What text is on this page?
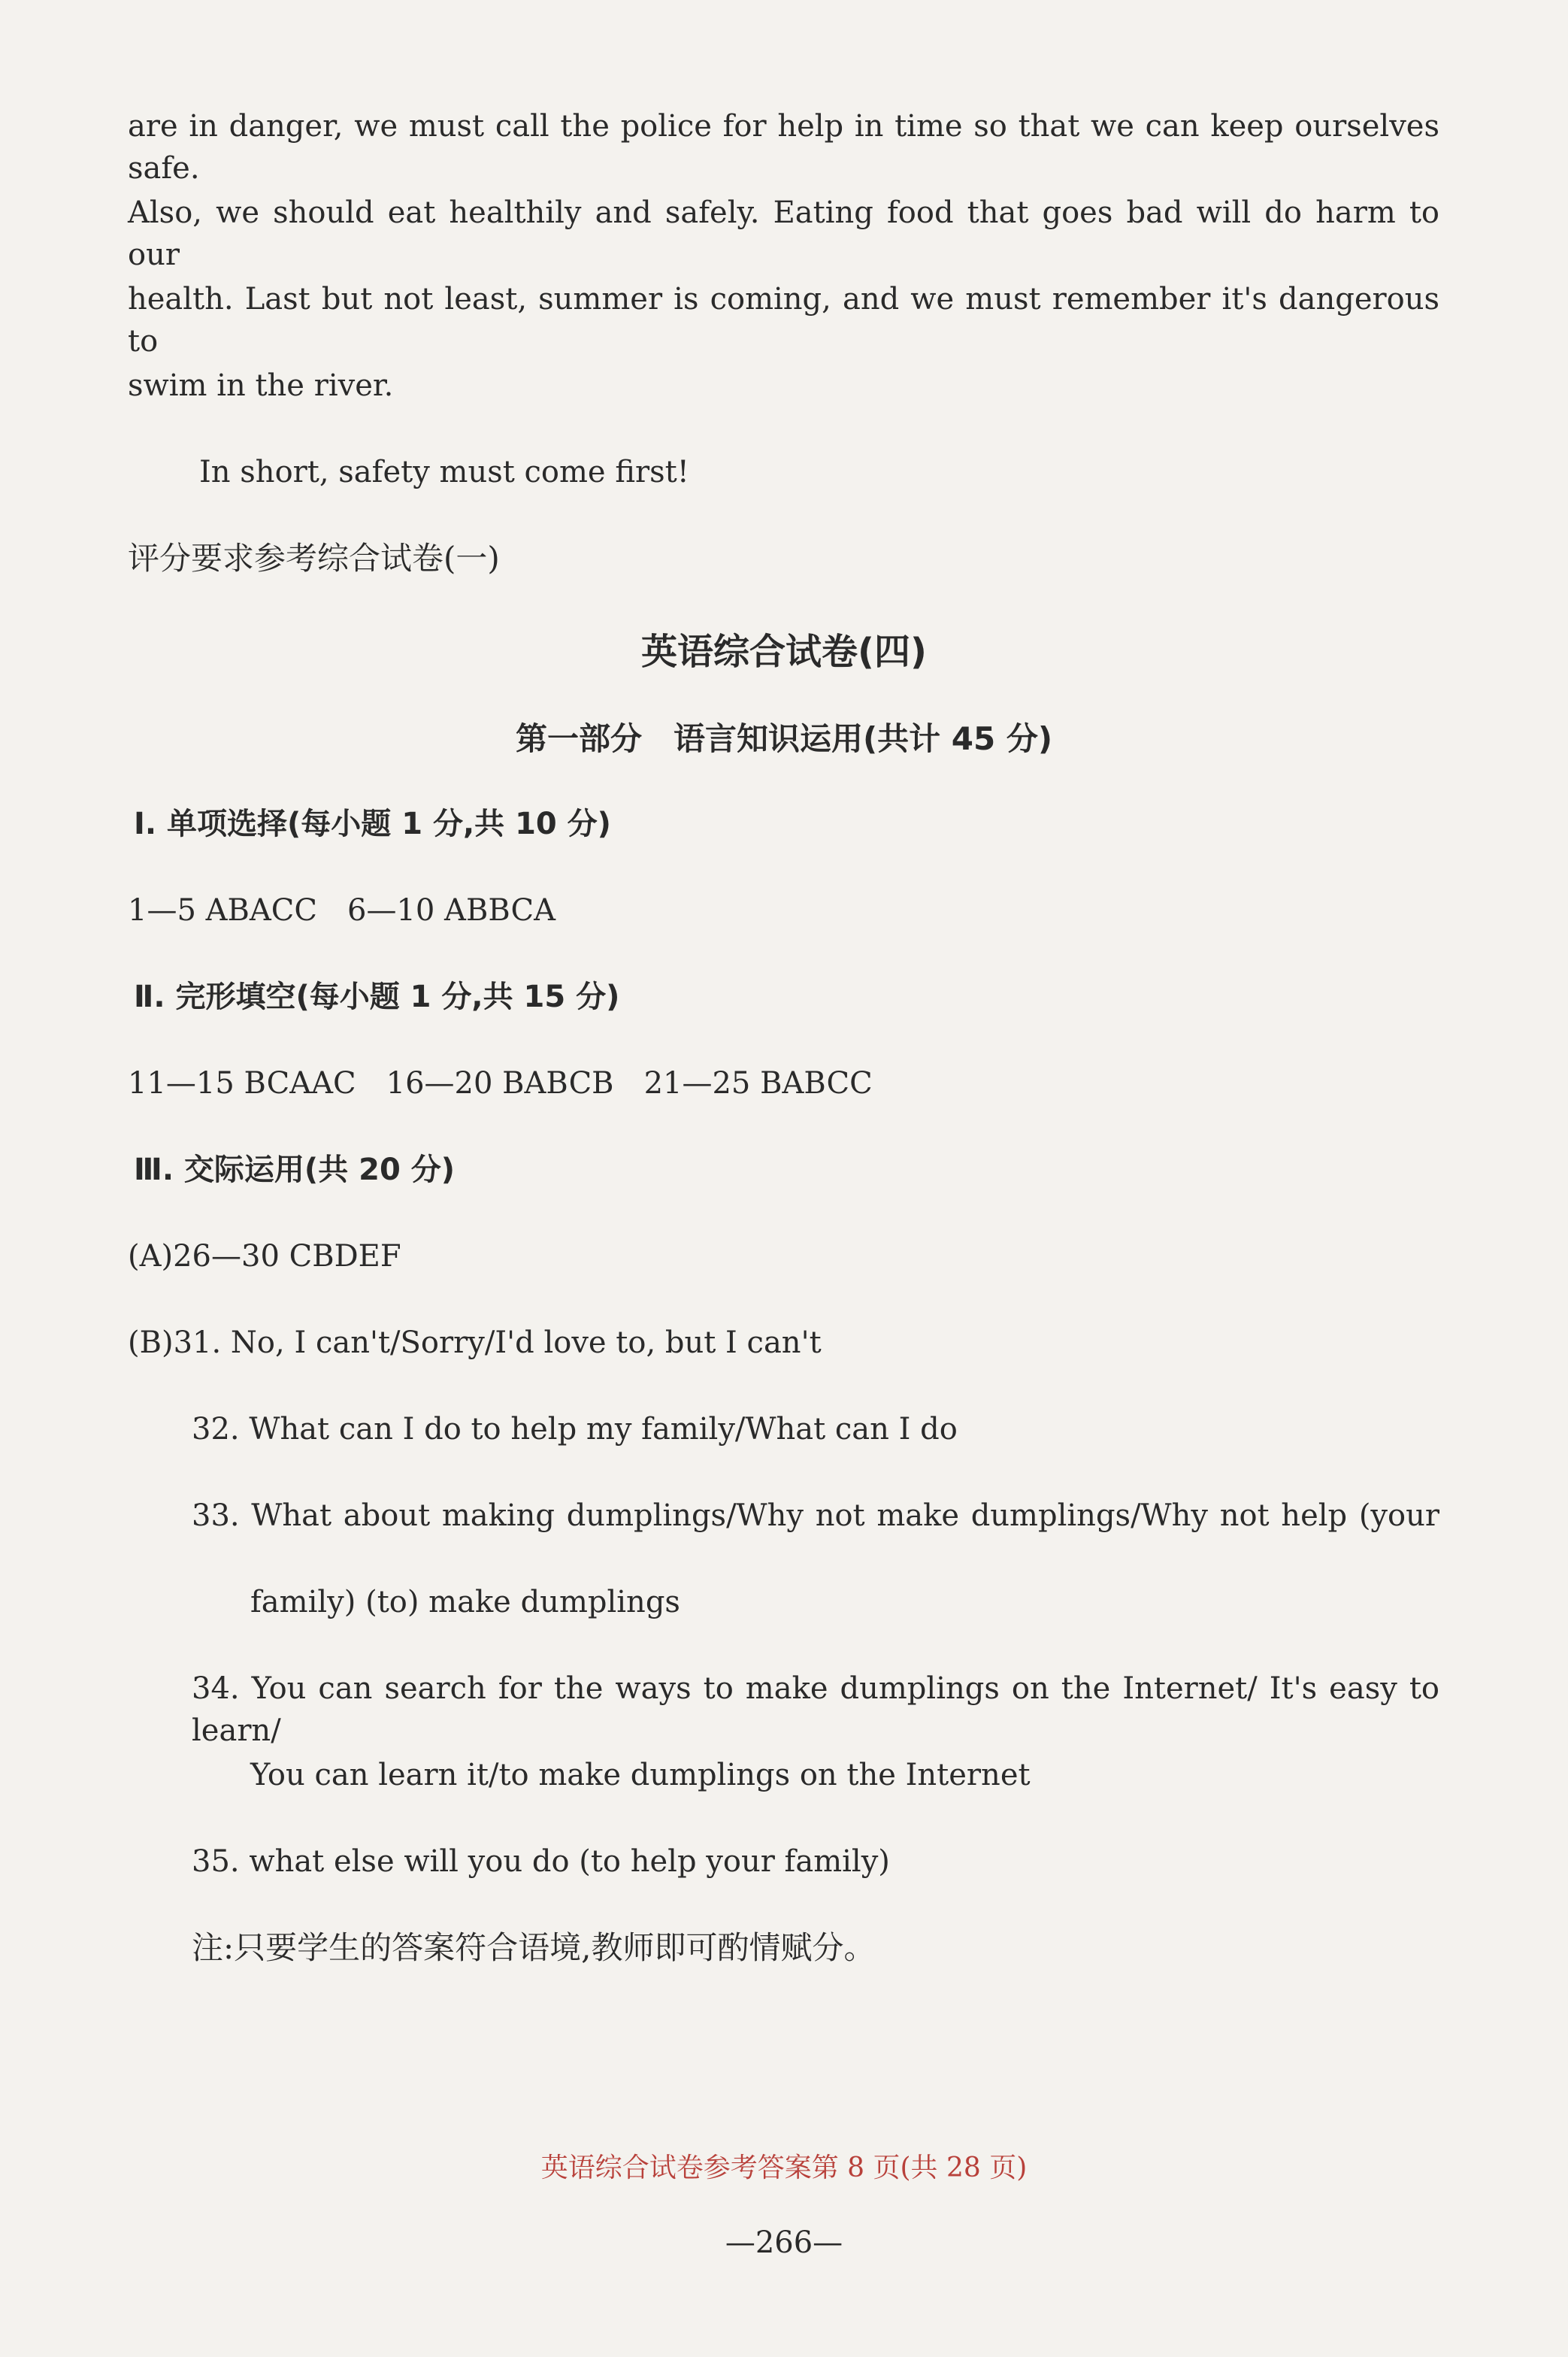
are in danger, we must call the police for help in time so that we can keep ourselves safe.
Also, we should eat healthily and safely. Eating food that goes bad will do harm to our
health. Last but not least, summer is coming, and we must remember it's dangerous to
swim in the river.
In short, safety must come first!
评分要求参考综合试卷(一)
英语综合试卷(四)
第一部分　语言知识运用(共计 45 分)
Ⅰ. 单项选择(每小题 1 分,共 10 分)
1—5 ABACC　6—10 ABBCA
Ⅱ. 完形填空(每小题 1 分,共 15 分)
11—15 BCAAC　16—20 BABCB　21—25 BABCC
Ⅲ. 交际运用(共 20 分)
(A)26—30 CBDEF
(B)31. No, I can't/Sorry/I'd love to, but I can't
32. What can I do to help my family/What can I do
33. What about making dumplings/Why not make dumplings/Why not help (your
family) (to) make dumplings
34. You can search for the ways to make dumplings on the Internet/ It's easy to learn/
You can learn it/to make dumplings on the Internet
35. what else will you do (to help your family)
注:只要学生的答案符合语境,教师即可酌情赋分。
英语综合试卷参考答案第 8 页(共 28 页)
—266—
